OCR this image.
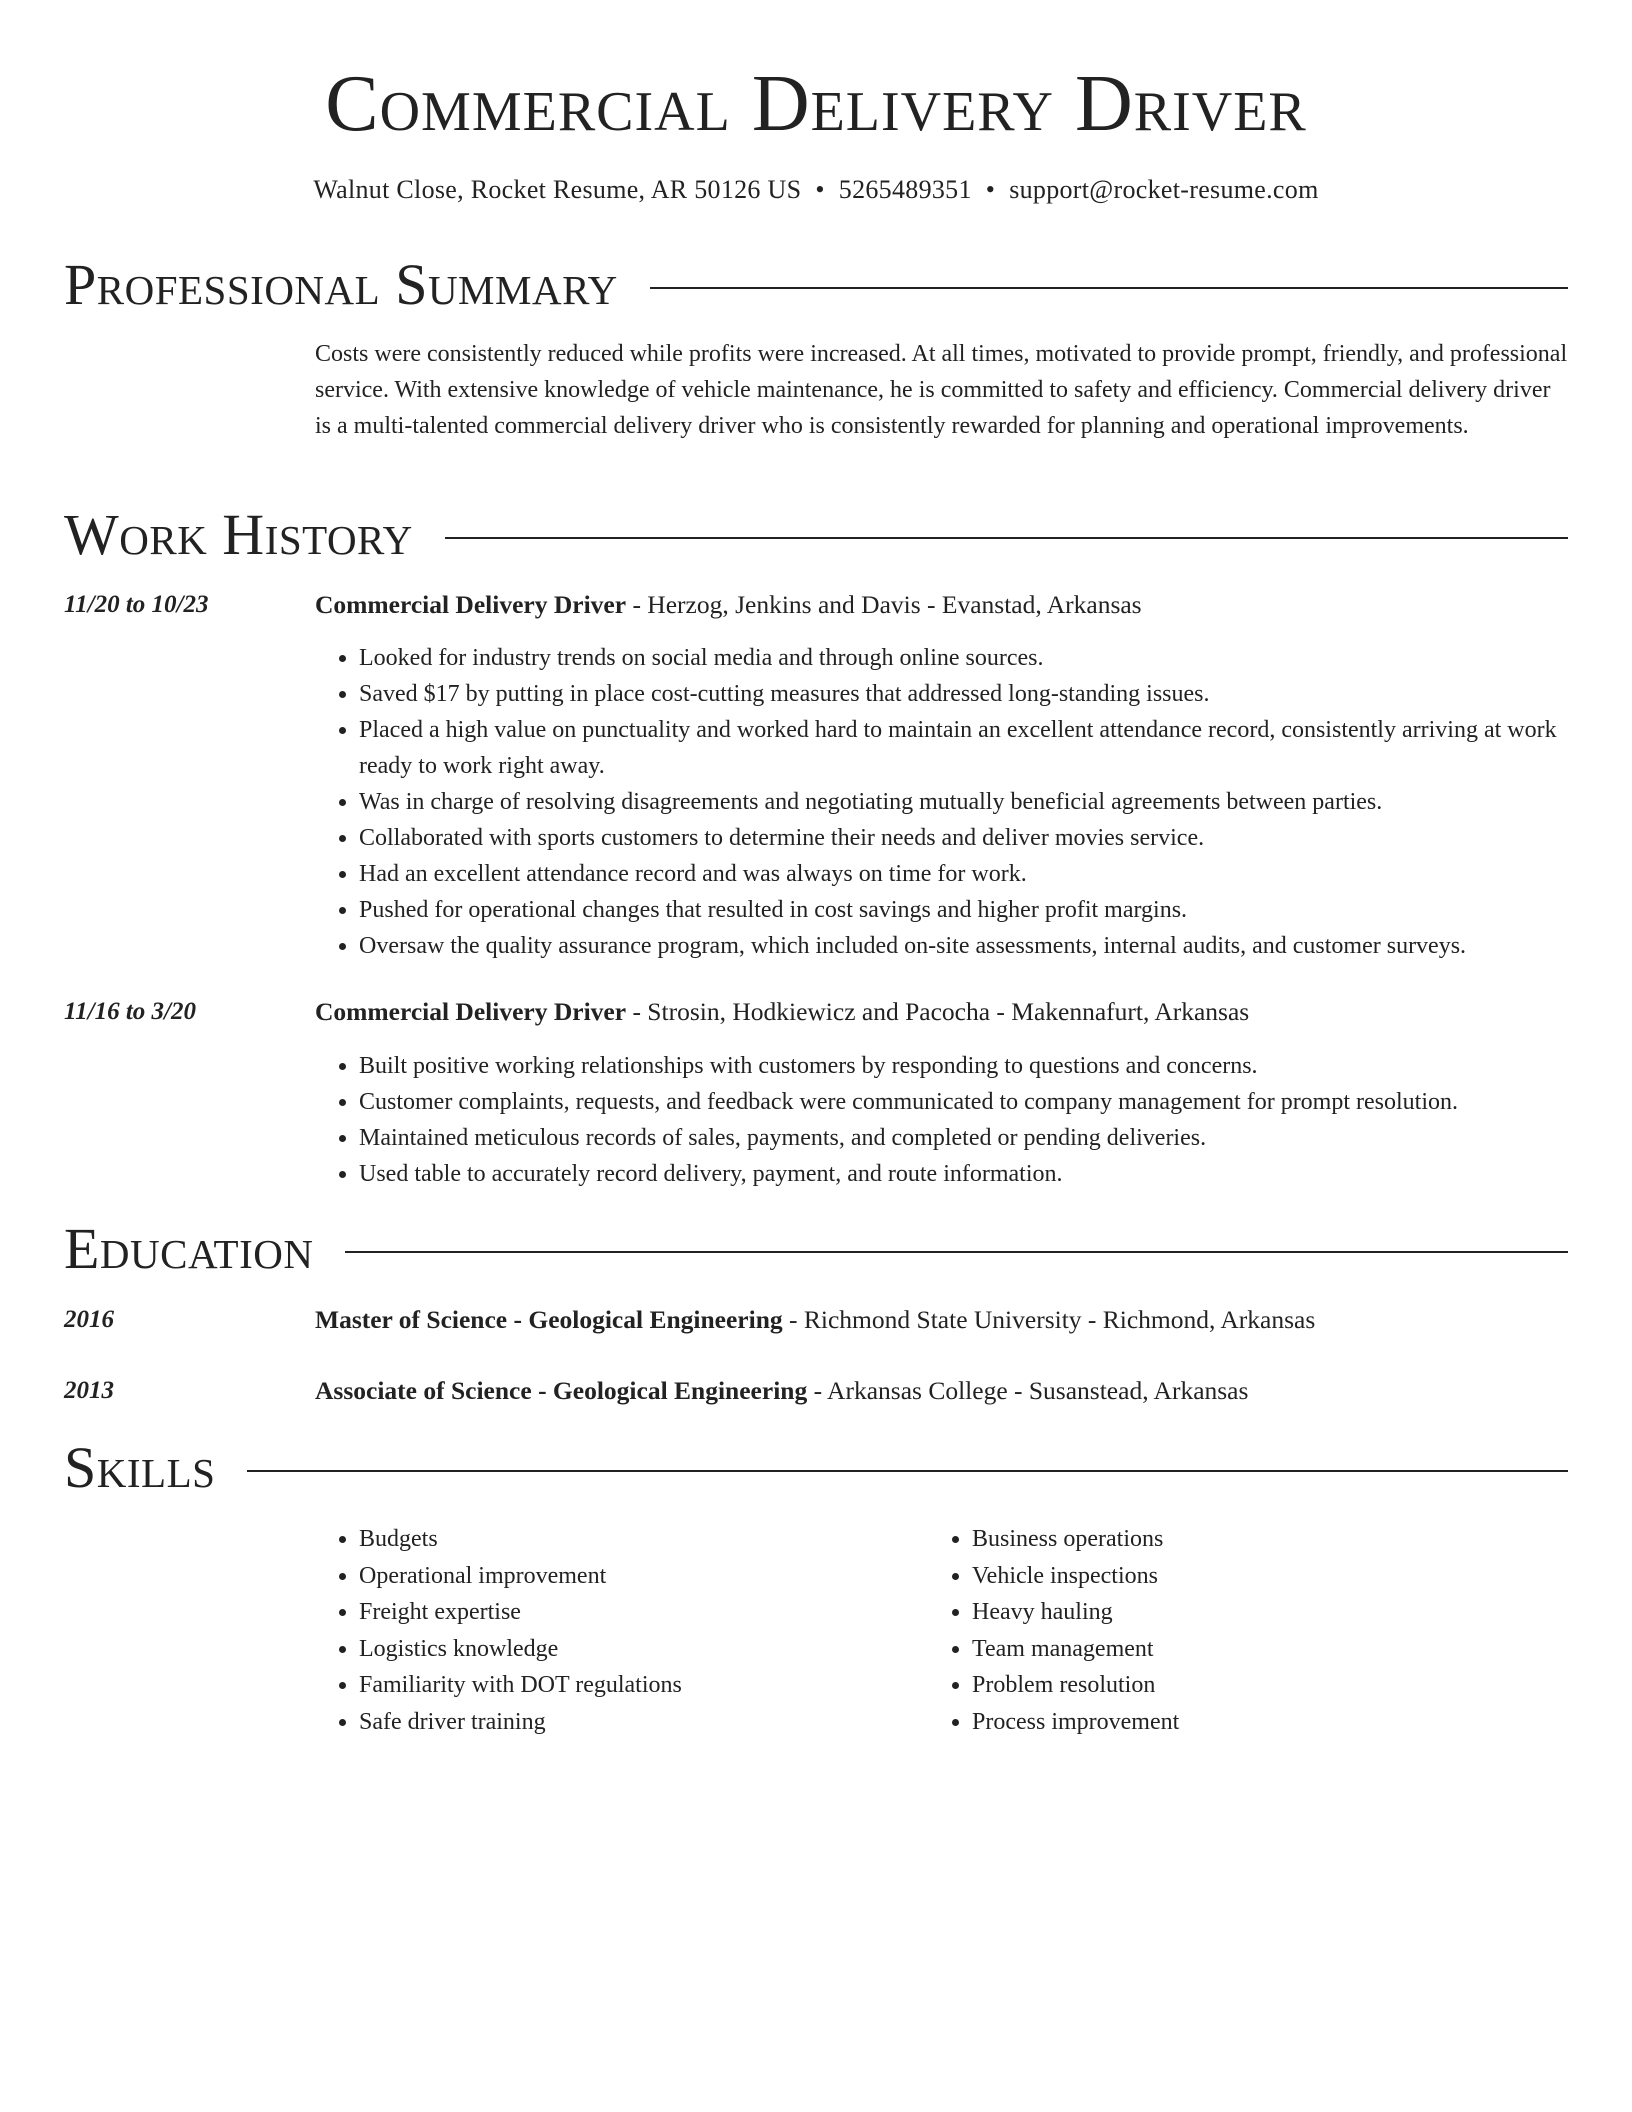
Commercial Delivery Driver
Walnut Close, Rocket Resume, AR 50126 US • 5265489351 • support@rocket-resume.com
Professional Summary

Costs were consistently reduced while profits were increased. At all times, motivated to provide prompt, friendly, and professional service. With extensive knowledge of vehicle maintenance, he is committed to safety and efficiency. Commercial delivery driver is a multi-talented commercial delivery driver who is consistently rewarded for planning and operational improvements.

Work History
11/20 to 10/23	Commercial Delivery Driver - Herzog, Jenkins and Davis - Evanstad, Arkansas
• Looked for industry trends on social media and through online sources.
• Saved $17 by putting in place cost-cutting measures that addressed long-standing issues.
• Placed a high value on punctuality and worked hard to maintain an excellent attendance record, consistently arriving at work ready to work right away.
• Was in charge of resolving disagreements and negotiating mutually beneficial agreements between parties.
• Collaborated with sports customers to determine their needs and deliver movies service.
• Had an excellent attendance record and was always on time for work.
• Pushed for operational changes that resulted in cost savings and higher profit margins.
• Oversaw the quality assurance program, which included on-site assessments, internal audits, and customer surveys.
11/16 to 3/20	Commercial Delivery Driver - Strosin, Hodkiewicz and Pacocha - Makennafurt, Arkansas
• Built positive working relationships with customers by responding to questions and concerns.
• Customer complaints, requests, and feedback were communicated to company management for prompt resolution.
• Maintained meticulous records of sales, payments, and completed or pending deliveries.
• Used table to accurately record delivery, payment, and route information.
Education
2016	Master of Science - Geological Engineering - Richmond State University - Richmond, Arkansas
2013	Associate of Science - Geological Engineering - Arkansas College - Susanstead, Arkansas
Skills
• Budgets
• Operational improvement
• Freight expertise
• Logistics knowledge
• Familiarity with DOT regulations
• Safe driver training
• Business operations
• Vehicle inspections
• Heavy hauling
• Team management
• Problem resolution
• Process improvement
